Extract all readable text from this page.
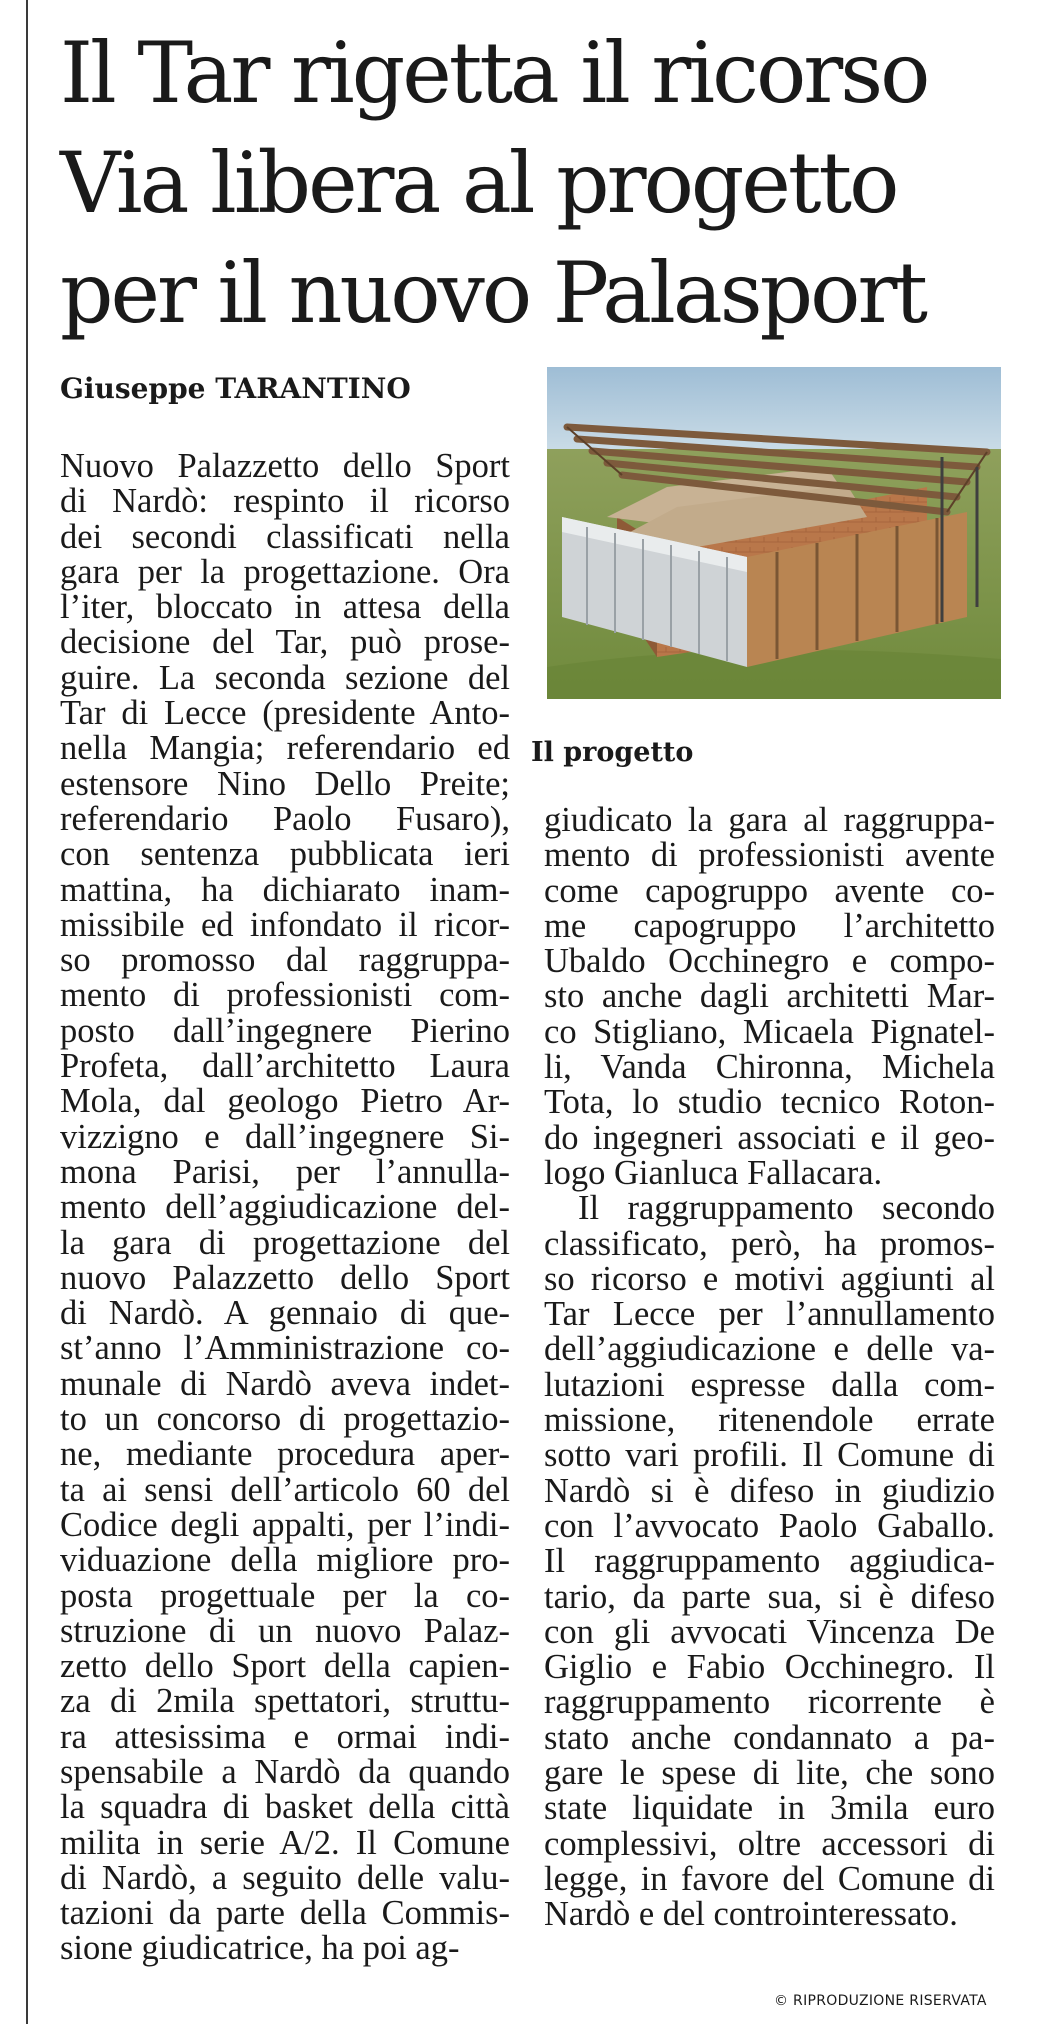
Il Tar rigetta il ricorso
Via libera al progetto
per il nuovo Palasport
Giuseppe TARANTINO
Nuovo Palazzetto dello Sport
di Nardò: respinto il ricorso
dei secondi classificati nella
gara per la progettazione. Ora
l’iter, bloccato in attesa della
decisione del Tar, può prose-
guire. La seconda sezione del
Tar di Lecce (presidente Anto-
nella Mangia; referendario ed
estensore Nino Dello Preite;
referendario Paolo Fusaro),
con sentenza pubblicata ieri
mattina, ha dichiarato inam-
missibile ed infondato il ricor-
so promosso dal raggruppa-
mento di professionisti com-
posto dall’ingegnere Pierino
Profeta, dall’architetto Laura
Mola, dal geologo Pietro Ar-
vizzigno e dall’ingegnere Si-
mona Parisi, per l’annulla-
mento dell’aggiudicazione del-
la gara di progettazione del
nuovo Palazzetto dello Sport
di Nardò. A gennaio di que-
st’anno l’Amministrazione co-
munale di Nardò aveva indet-
to un concorso di progettazio-
ne, mediante procedura aper-
ta ai sensi dell’articolo 60 del
Codice degli appalti, per l’indi-
viduazione della migliore pro-
posta progettuale per la co-
struzione di un nuovo Palaz-
zetto dello Sport della capien-
za di 2mila spettatori, struttu-
ra attesissima e ormai indi-
spensabile a Nardò da quando
la squadra di basket della città
milita in serie A/2. Il Comune
di Nardò, a seguito delle valu-
tazioni da parte della Commis-
sione giudicatrice, ha poi ag-
Il progetto
giudicato la gara al raggruppa-
mento di professionisti avente
come capogruppo avente co-
me capogruppo l’architetto
Ubaldo Occhinegro e compo-
sto anche dagli architetti Mar-
co Stigliano, Micaela Pignatel-
li, Vanda Chironna, Michela
Tota, lo studio tecnico Roton-
do ingegneri associati e il geo-
logo Gianluca Fallacara.
Il raggruppamento secondo
classificato, però, ha promos-
so ricorso e motivi aggiunti al
Tar Lecce per l’annullamento
dell’aggiudicazione e delle va-
lutazioni espresse dalla com-
missione, ritenendole errate
sotto vari profili. Il Comune di
Nardò si è difeso in giudizio
con l’avvocato Paolo Gaballo.
Il raggruppamento aggiudica-
tario, da parte sua, si è difeso
con gli avvocati Vincenza De
Giglio e Fabio Occhinegro. Il
raggruppamento ricorrente è
stato anche condannato a pa-
gare le spese di lite, che sono
state liquidate in 3mila euro
complessivi, oltre accessori di
legge, in favore del Comune di
Nardò e del controinteressato.
© RIPRODUZIONE RISERVATA
